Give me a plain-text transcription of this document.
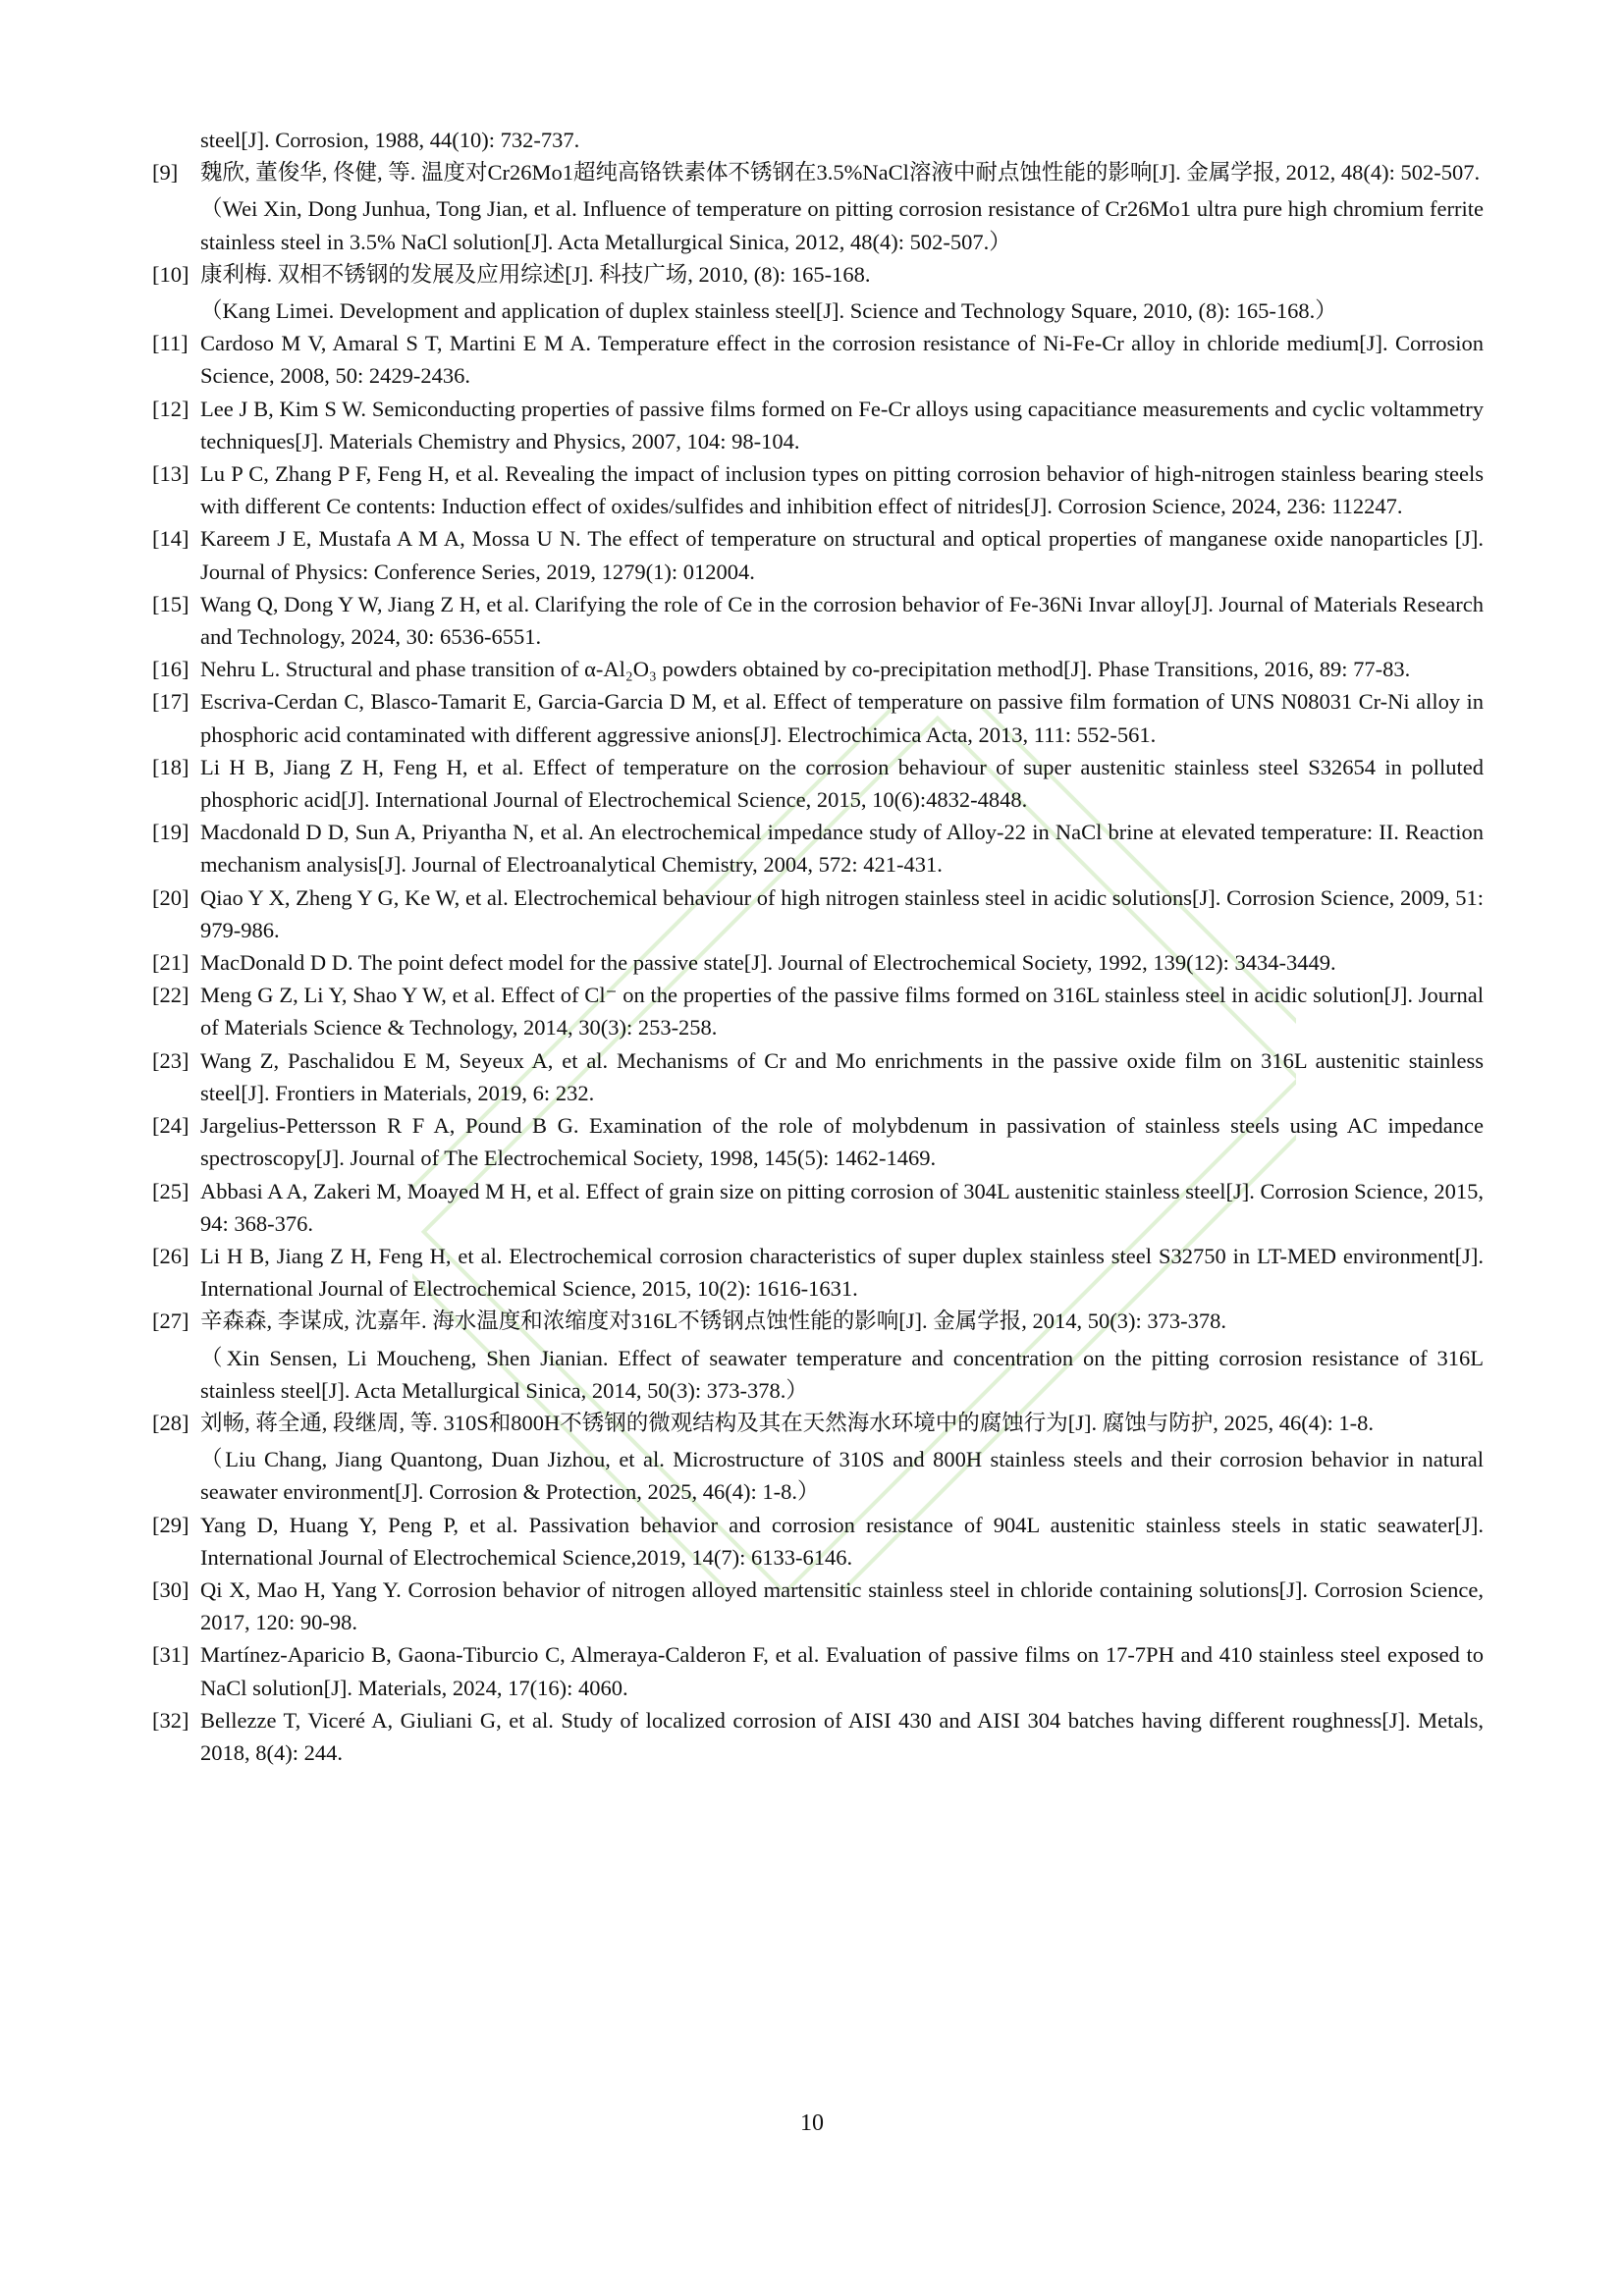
steel[J]. Corrosion, 1988, 44(10): 732-737.
[9]	魏欣, 董俊华, 佟健, 等. 温度对Cr26Mo1超纯高铬铁素体不锈钢在3.5%NaCl溶液中耐点蚀性能的影响[J]. 金属学报, 2012, 48(4): 502-507.
（Wei Xin, Dong Junhua, Tong Jian, et al. Influence of temperature on pitting corrosion resistance of Cr26Mo1 ultra pure high chromium ferrite stainless steel in 3.5% NaCl solution[J]. Acta Metallurgical Sinica, 2012, 48(4): 502-507.）
[10] 康利梅. 双相不锈钢的发展及应用综述[J]. 科技广场, 2010, (8): 165-168.
（Kang Limei. Development and application of duplex stainless steel[J]. Science and Technology Square, 2010, (8): 165-168.）
[11] Cardoso M V, Amaral S T, Martini E M A. Temperature effect in the corrosion resistance of Ni-Fe-Cr alloy in chloride medium[J]. Corrosion Science, 2008, 50: 2429-2436.
[12] Lee J B, Kim S W. Semiconducting properties of passive films formed on Fe-Cr alloys using capacitiance measurements and cyclic voltammetry techniques[J]. Materials Chemistry and Physics, 2007, 104: 98-104.
[13] Lu P C, Zhang P F, Feng H, et al. Revealing the impact of inclusion types on pitting corrosion behavior of high-nitrogen stainless bearing steels with different Ce contents: Induction effect of oxides/sulfides and inhibition effect of nitrides[J]. Corrosion Science, 2024, 236: 112247.
[14] Kareem J E, Mustafa A M A, Mossa U N. The effect of temperature on structural and optical properties of manganese oxide nanoparticles [J]. Journal of Physics: Conference Series, 2019, 1279(1): 012004.
[15] Wang Q, Dong Y W, Jiang Z H, et al. Clarifying the role of Ce in the corrosion behavior of Fe-36Ni Invar alloy[J]. Journal of Materials Research and Technology, 2024, 30: 6536-6551.
[16] Nehru L. Structural and phase transition of α-Al₂O₃ powders obtained by co-precipitation method[J]. Phase Transitions, 2016, 89: 77-83.
[17] Escriva-Cerdan C, Blasco-Tamarit E, Garcia-Garcia D M, et al. Effect of temperature on passive film formation of UNS N08031 Cr-Ni alloy in phosphoric acid contaminated with different aggressive anions[J]. Electrochimica Acta, 2013, 111: 552-561.
[18] Li H B, Jiang Z H, Feng H, et al. Effect of temperature on the corrosion behaviour of super austenitic stainless steel S32654 in polluted phosphoric acid[J]. International Journal of Electrochemical Science, 2015, 10(6):4832-4848.
[19] Macdonald D D, Sun A, Priyantha N, et al. An electrochemical impedance study of Alloy-22 in NaCl brine at elevated temperature: II. Reaction mechanism analysis[J]. Journal of Electroanalytical Chemistry, 2004, 572: 421-431.
[20] Qiao Y X, Zheng Y G, Ke W, et al. Electrochemical behaviour of high nitrogen stainless steel in acidic solutions[J]. Corrosion Science, 2009, 51: 979-986.
[21] MacDonald D D. The point defect model for the passive state[J]. Journal of Electrochemical Society, 1992, 139(12): 3434-3449.
[22] Meng G Z, Li Y, Shao Y W, et al. Effect of Cl⁻ on the properties of the passive films formed on 316L stainless steel in acidic solution[J]. Journal of Materials Science & Technology, 2014, 30(3): 253-258.
[23] Wang Z, Paschalidou E M, Seyeux A, et al. Mechanisms of Cr and Mo enrichments in the passive oxide film on 316L austenitic stainless steel[J]. Frontiers in Materials, 2019, 6: 232.
[24] Jargelius-Pettersson R F A, Pound B G. Examination of the role of molybdenum in passivation of stainless steels using AC impedance spectroscopy[J]. Journal of The Electrochemical Society, 1998, 145(5): 1462-1469.
[25] Abbasi A A, Zakeri M, Moayed M H, et al. Effect of grain size on pitting corrosion of 304L austenitic stainless steel[J]. Corrosion Science, 2015, 94: 368-376.
[26] Li H B, Jiang Z H, Feng H, et al. Electrochemical corrosion characteristics of super duplex stainless steel S32750 in LT-MED environment[J]. International Journal of Electrochemical Science, 2015, 10(2): 1616-1631.
[27] 辛森森, 李谋成, 沈嘉年. 海水温度和浓缩度对316L不锈钢点蚀性能的影响[J]. 金属学报, 2014, 50(3): 373-378.
（Xin Sensen, Li Moucheng, Shen Jianian. Effect of seawater temperature and concentration on the pitting corrosion resistance of 316L stainless steel[J]. Acta Metallurgical Sinica, 2014, 50(3): 373-378.）
[28] 刘畅, 蒋全通, 段继周, 等. 310S和800H不锈钢的微观结构及其在天然海水环境中的腐蚀行为[J]. 腐蚀与防护, 2025, 46(4): 1-8.
（Liu Chang, Jiang Quantong, Duan Jizhou, et al. Microstructure of 310S and 800H stainless steels and their corrosion behavior in natural seawater environment[J]. Corrosion & Protection, 2025, 46(4): 1-8.）
[29] Yang D, Huang Y, Peng P, et al. Passivation behavior and corrosion resistance of 904L austenitic stainless steels in static seawater[J]. International Journal of Electrochemical Science,2019, 14(7): 6133-6146.
[30] Qi X, Mao H, Yang Y. Corrosion behavior of nitrogen alloyed martensitic stainless steel in chloride containing solutions[J]. Corrosion Science, 2017, 120: 90-98.
[31] Martínez-Aparicio B, Gaona-Tiburcio C, Almeraya-Calderon F, et al. Evaluation of passive films on 17-7PH and 410 stainless steel exposed to NaCl solution[J]. Materials, 2024, 17(16): 4060.
[32] Bellezze T, Viceré A, Giuliani G, et al. Study of localized corrosion of AISI 430 and AISI 304 batches having different roughness[J]. Metals, 2018, 8(4): 244.
10
